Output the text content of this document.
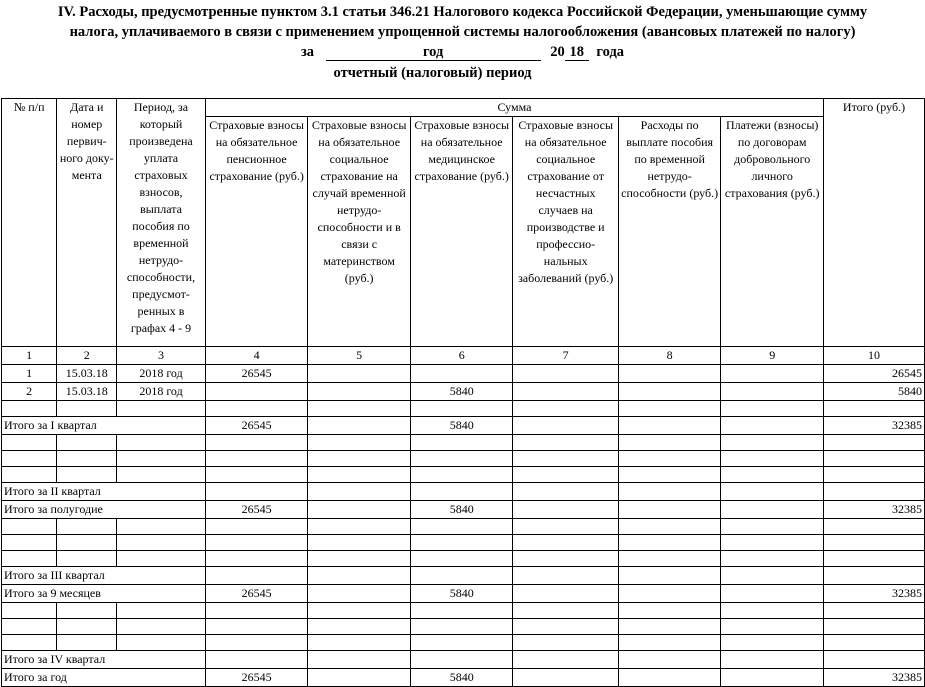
IV. Расходы, предусмотренные пунктом 3.1 статьи 346.21 Налогового кодекса Российской Федерации, уменьшающие сумму
налога, уплачиваемого в связи с применением упрощенной системы налогообложения (авансовых платежей по налогу)
за	год	20 18 года
отчетный (налоговый) период
№ п/п	Дата и номер первич-ного доку-мента	Период, за который произведена уплата страховых взносов, выплата пособия по временной нетрудо-способности, предусмот-ренных в графах 4 - 9	Сумма						Итого (руб.)
			Страховые взносы на обязательное пенсионное страхование (руб.)	Страховые взносы на обязательное социальное страхование на случай временной нетрудо-способности и в связи с материнством (руб.)	Страховые взносы на обязательное медицинское страхование (руб.)	Страховые взносы на обязательное социальное страхование от несчастных случаев на производстве и профессио-нальных заболеваний (руб.)	Расходы по выплате пособия по временной нетрудо-способности (руб.)	Платежи (взносы) по договорам добровольного личного страхования (руб.)	
1	2	3	4	5	6	7	8	9	10
1	15.03.18	2018 год	26545						26545
2	15.03.18	2018 год			5840				5840

Итого за I квартал			26545		5840				32385

Итого за II квартал									
Итого за полугодие			26545		5840				32385

Итого за III квартал									
Итого за 9 месяцев			26545		5840				32385

Итого за IV квартал									
Итого за год			26545		5840				32385
